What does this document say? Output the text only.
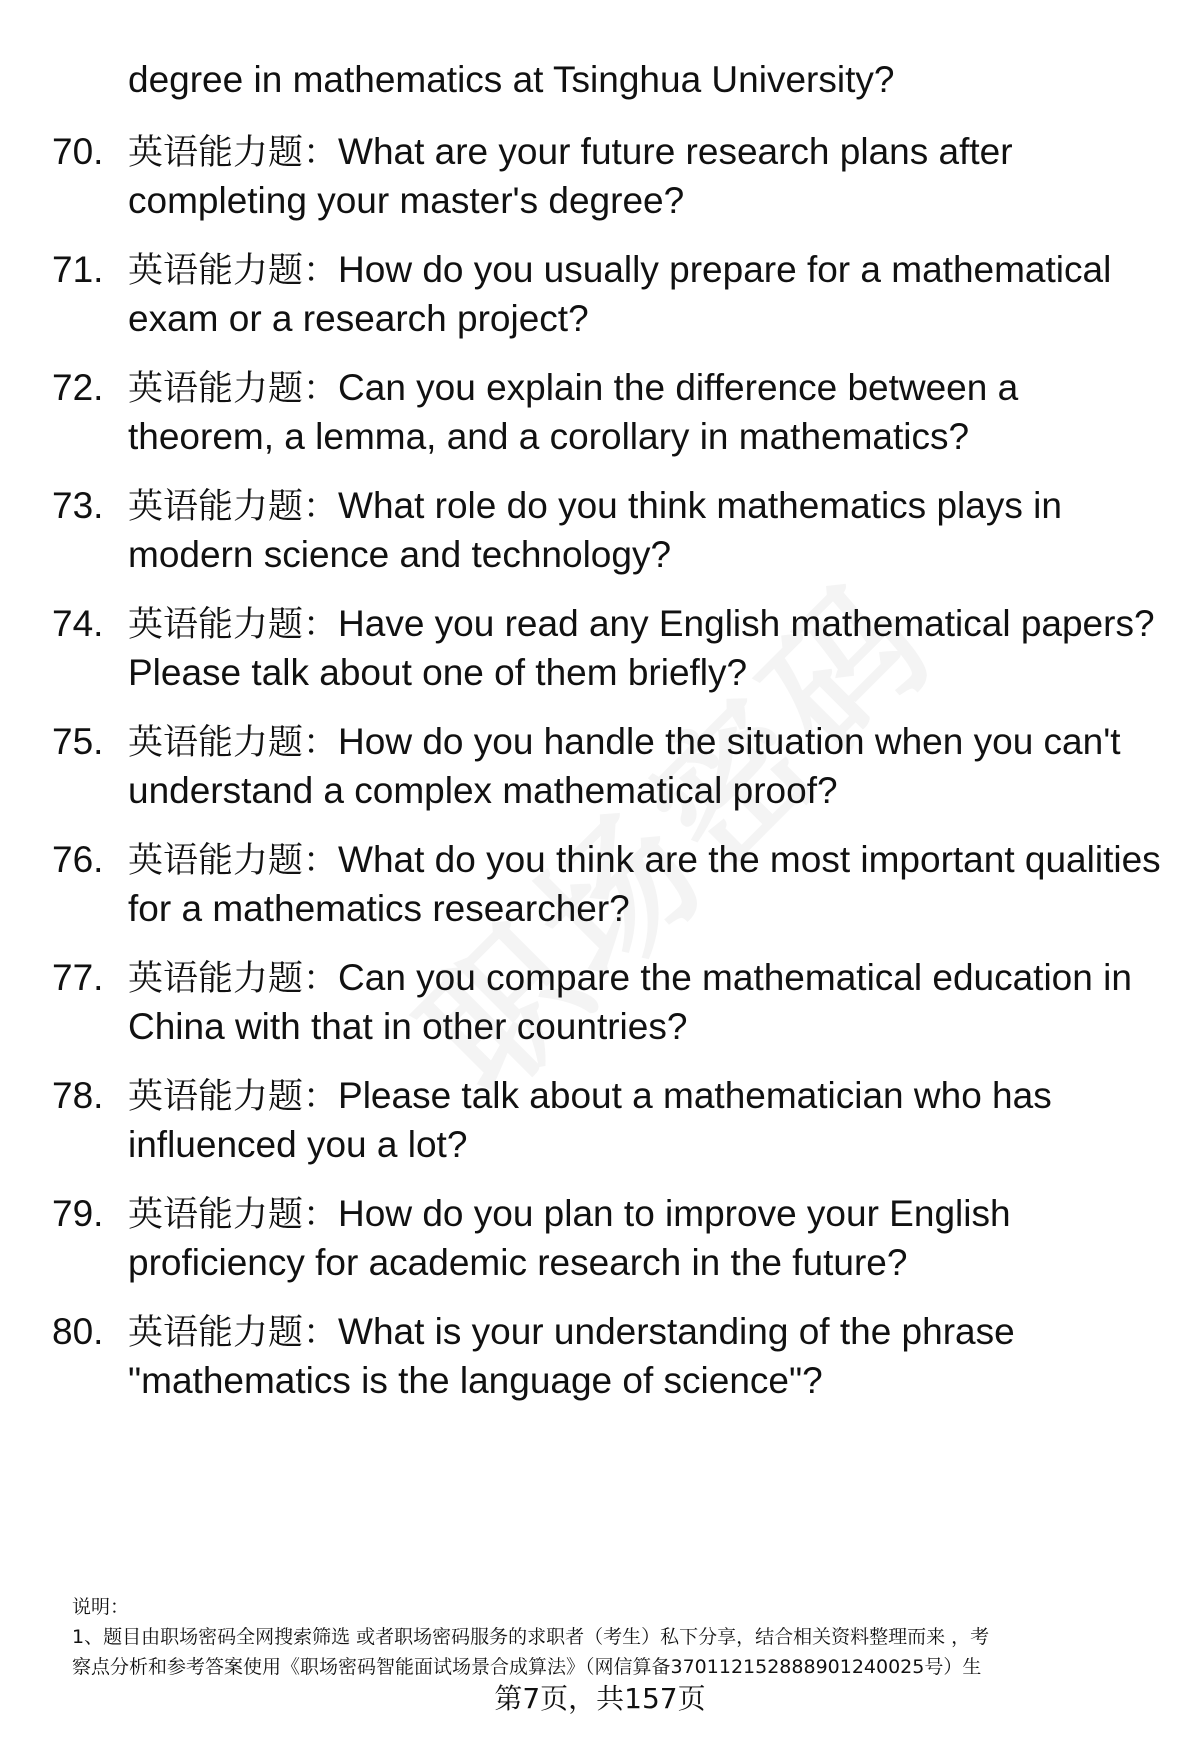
degree in mathematics at Tsinghua University?
70. 英语能力题：What are your future research plans after completing your master's degree?
71. 英语能力题：How do you usually prepare for a mathematical exam or a research project?
72. 英语能力题：Can you explain the difference between a theorem, a lemma, and a corollary in mathematics?
73. 英语能力题：What role do you think mathematics plays in modern science and technology?
74. 英语能力题：Have you read any English mathematical papers? Please talk about one of them briefly?
75. 英语能力题：How do you handle the situation when you can't understand a complex mathematical proof?
76. 英语能力题：What do you think are the most important qualities for a mathematics researcher?
77. 英语能力题：Can you compare the mathematical education in China with that in other countries?
78. 英语能力题：Please talk about a mathematician who has influenced you a lot?
79. 英语能力题：How do you plan to improve your English proficiency for academic research in the future?
80. 英语能力题：What is your understanding of the phrase "mathematics is the language of science"?
说明：
1、题目由职场密码全网搜索筛选 或者职场密码服务的求职者（考生）私下分享，结合相关资料整理而来 ，考
察点分析和参考答案使用《职场密码智能面试场景合成算法》（网信算备370112152888901240025号）生
第7页，共157页
